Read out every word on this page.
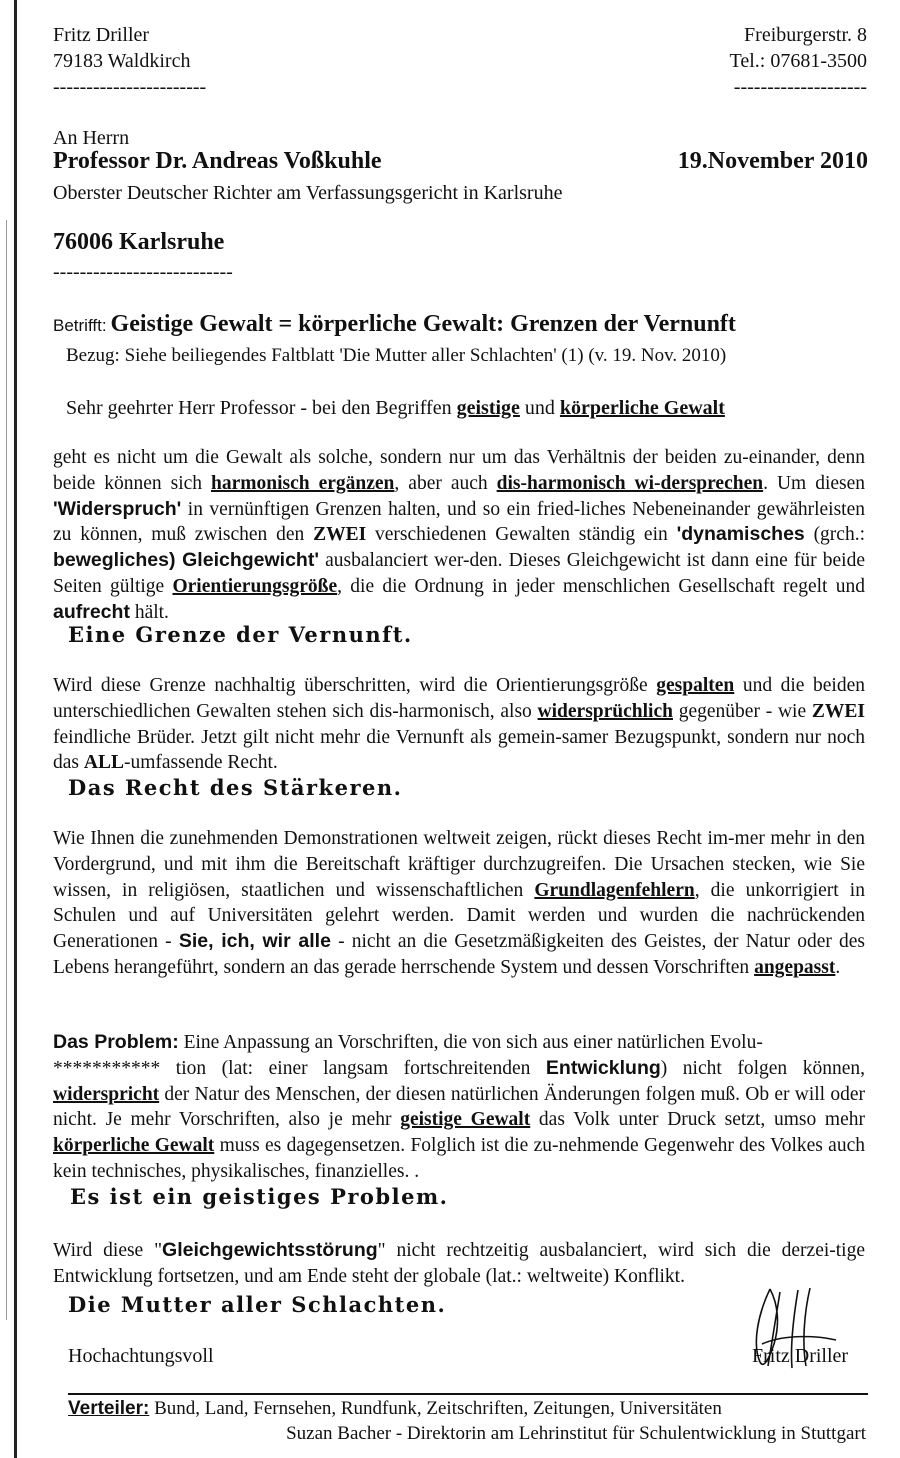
Fritz Driller
79183 Waldkirch
-----------------------
Freiburgerstr. 8
Tel.: 07681-3500
--------------------
An Herrn
Professor Dr. Andreas Voßkuhle	19.November 2010
Oberster Deutscher Richter am Verfassungsgericht in Karlsruhe
76006 Karlsruhe
---------------------------
Betrifft: Geistige Gewalt = körperliche Gewalt: Grenzen der Vernunft
Bezug: Siehe beiliegendes Faltblatt 'Die Mutter aller Schlachten' (1) (v. 19. Nov. 2010)
Sehr geehrter Herr Professor - bei den Begriffen geistige und körperliche Gewalt

geht es nicht um die Gewalt als solche, sondern nur um das Verhältnis der beiden zu-einander, denn beide können sich harmonisch ergänzen, aber auch dis-harmonisch wi-dersprechen. Um diesen 'Widerspruch' in vernünftigen Grenzen halten, und so ein fried-liches Nebeneinander gewährleisten zu können, muß zwischen den ZWEI verschiedenen Gewalten ständig ein 'dynamisches (grch.: bewegliches) Gleichgewicht' ausbalanciert wer-den. Dieses Gleichgewicht ist dann eine für beide Seiten gültige Orientierungsgröße, die die Ordnung in jeder menschlichen Gesellschaft regelt und aufrecht hält.

Eine Grenze der Vernunft.

Wird diese Grenze nachhaltig überschritten, wird die Orientierungsgröße gespalten und die beiden unterschiedlichen Gewalten stehen sich dis-harmonisch, also widersprüchlich gegenüber - wie ZWEI feindliche Brüder. Jetzt gilt nicht mehr die Vernunft als gemein-samer Bezugspunkt, sondern nur noch das ALL-umfassende Recht.

Das Recht des Stärkeren.

Wie Ihnen die zunehmenden Demonstrationen weltweit zeigen, rückt dieses Recht im-mer mehr in den Vordergrund, und mit ihm die Bereitschaft kräftiger durchzugreifen. Die Ursachen stecken, wie Sie wissen, in religiösen, staatlichen und wissenschaftlichen Grundlagenfehlern, die unkorrigiert in Schulen und auf Universitäten gelehrt werden. Damit werden und wurden die nachrückenden Generationen - Sie, ich, wir alle - nicht an die Gesetzmäßigkeiten des Geistes, der Natur oder des Lebens herangeführt, sondern an das gerade herrschende System und dessen Vorschriften angepasst.

Das Problem: Eine Anpassung an Vorschriften, die von sich aus einer natürlichen Evolu-
*********** tion (lat: einer langsam fortschreitenden Entwicklung) nicht folgen können, widerspricht der Natur des Menschen, der diesen natürlichen Änderungen folgen muß. Ob er will oder nicht. Je mehr Vorschriften, also je mehr geistige Gewalt das Volk unter Druck setzt, umso mehr körperliche Gewalt muss es dagegensetzen. Folglich ist die zu-nehmende Gegenwehr des Volkes auch kein technisches, physikalisches, finanzielles. .

Es ist ein geistiges Problem.

Wird diese "Gleichgewichtsstörung" nicht rechtzeitig ausbalanciert, wird sich die derzei-tige Entwicklung fortsetzen, und am Ende steht der globale (lat.: weltweite) Konflikt.

Die Mutter aller Schlachten.
Hochachtungsvoll	Fritz Driller
Verteiler: Bund, Land, Fernsehen, Rundfunk, Zeitschriften, Zeitungen, Universitäten
Suzan Bacher - Direktorin am Lehrinstitut für Schulentwicklung in Stuttgart
